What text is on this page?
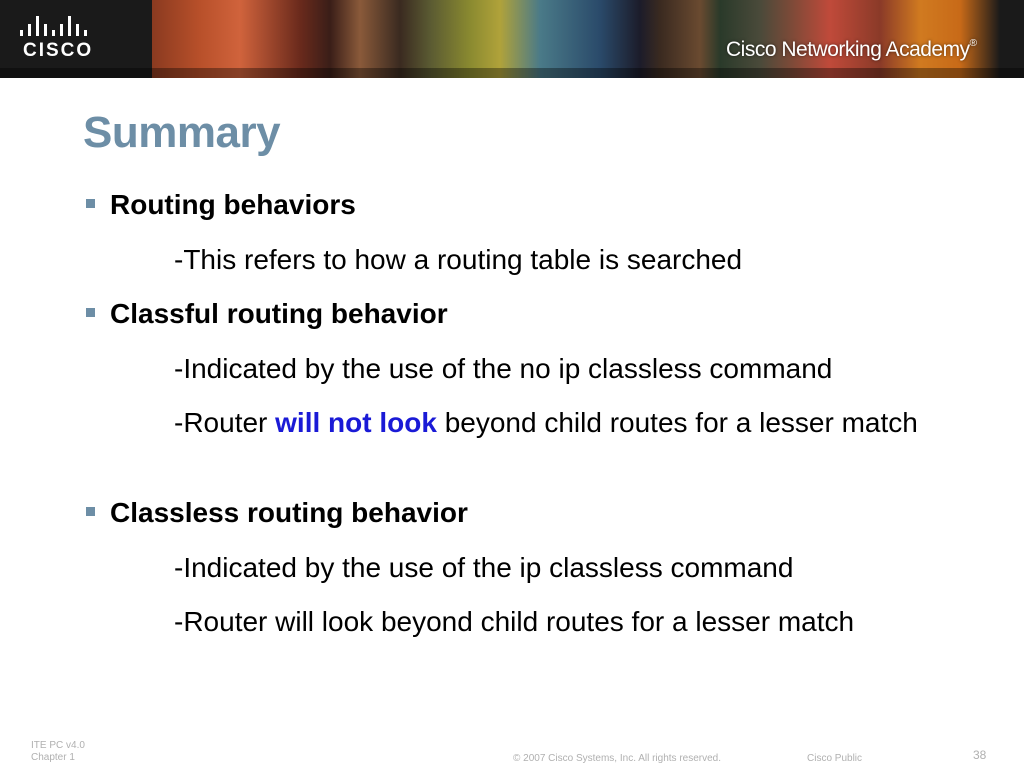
CISCO	Cisco Networking Academy®
Summary
Routing behaviors
-This refers to how a routing table is searched
Classful routing behavior
-Indicated by the use of the no ip classless command
-Router will not look beyond child routes for a lesser match
Classless routing behavior
-Indicated by the use of the ip classless command
-Router will look beyond child routes for a lesser match
ITE PC v4.0
Chapter 1	© 2007 Cisco Systems, Inc. All rights reserved.	Cisco Public	38
